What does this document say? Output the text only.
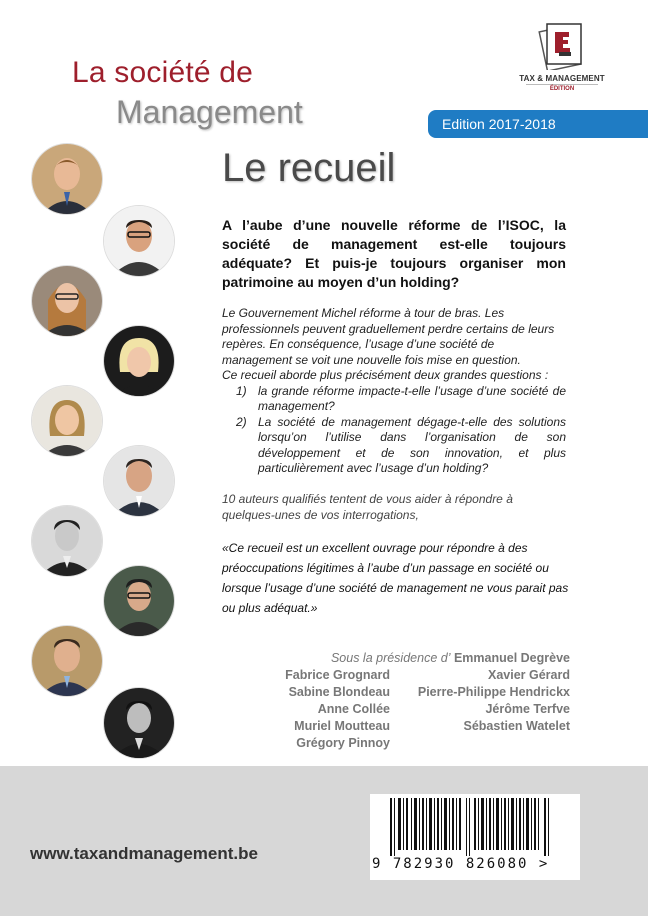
La société de
Management
TAX & MANAGEMENT
ÉDITION
Edition 2017-2018
Le recueil
A l’aube d’une nouvelle réforme de l’ISOC, la société de management est-elle toujours adéquate? Et puis-je toujours organiser mon patrimoine au moyen d’un holding?

Le Gouvernement Michel réforme à tour de bras. Les professionnels peuvent graduellement perdre certains de leurs repères. En conséquence, l’usage d’une société de management se voit une nouvelle fois mise en question.

Ce recueil aborde plus précisément deux grandes questions :

1) la grande réforme impacte-t-elle l’usage d’une société de management?
2) La société de management dégage-t-elle des solutions lorsqu’on l’utilise dans l’organisation de son développement et de son innovation, et plus particulièrement avec l’usage d’un holding?
10 auteurs qualifiés tentent de vous aider à répondre à quelques-unes de vos interrogations,
«Ce recueil est un excellent ouvrage pour répondre à des préoccupations légitimes à l’aube d’un passage en société ou lorsque l’usage d’une société de management ne vous parait pas ou plus adéquat.»
Sous la présidence d’ Emmanuel Degrève
Fabrice Grognard
Sabine Blondeau
Anne Collée
Muriel Moutteau
Grégory Pinnoy
Xavier Gérard
Pierre-Philippe Hendrickx
Jérôme Terfve
Sébastien Watelet
www.taxandmanagement.be
9 782930 826080 >
